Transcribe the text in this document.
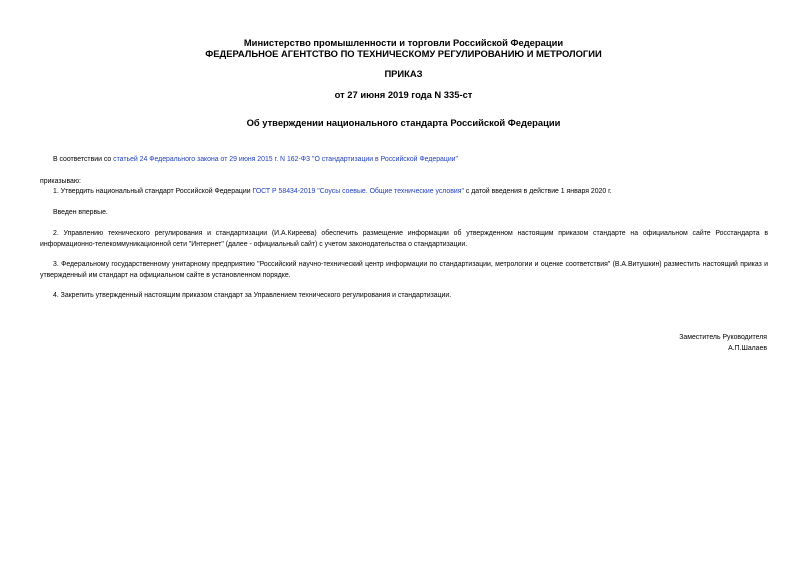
Министерство промышленности и торговли Российской Федерации
ФЕДЕРАЛЬНОЕ АГЕНТСТВО ПО ТЕХНИЧЕСКОМУ РЕГУЛИРОВАНИЮ И МЕТРОЛОГИИ
ПРИКАЗ
от 27 июня 2019 года N 335-ст
Об утверждении национального стандарта Российской Федерации
В соответствии со статьей 24 Федерального закона от 29 июня 2015 г. N 162-ФЗ "О стандартизации в Российской Федерации"
приказываю:
1. Утвердить национальный стандарт Российской Федерации ГОСТ Р 58434-2019 "Соусы соевые. Общие технические условия" с датой введения в действие 1 января 2020 г.
Введен впервые.
2. Управлению технического регулирования и стандартизации (И.А.Киреева) обеспечить размещение информации об утвержденном настоящим приказом стандарте на официальном сайте Росстандарта в информационно-телекоммуникационной сети "Интернет" (далее - официальный сайт) с учетом законодательства о стандартизации.
3. Федеральному государственному унитарному предприятию "Российский научно-технический центр информации по стандартизации, метрологии и оценке соответствия" (В.А.Витушкин) разместить настоящий приказ и утвержденный им стандарт на официальном сайте в установленном порядке.
4. Закрепить утвержденный настоящим приказом стандарт за Управлением технического регулирования и стандартизации.
Заместитель Руководителя
А.П.Шалаев
